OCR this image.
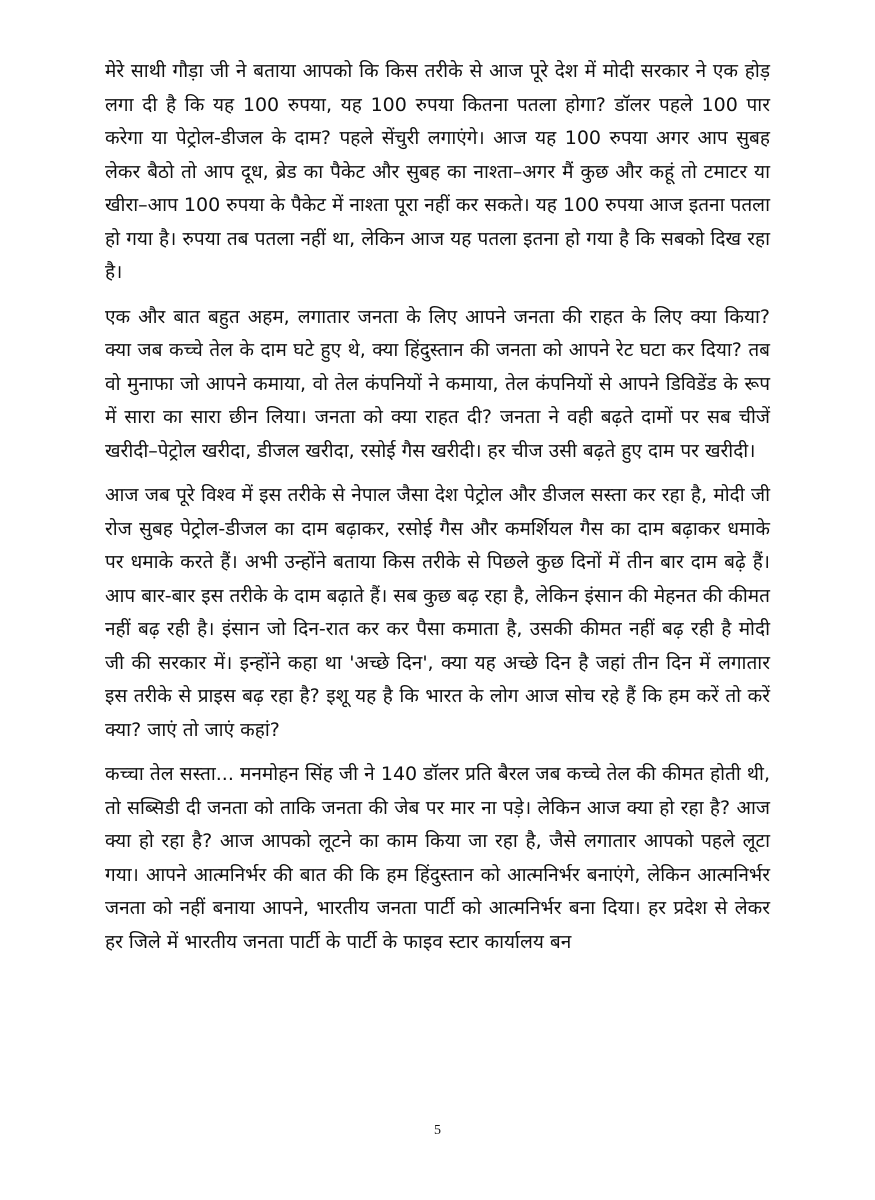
मेरे साथी गौड़ा जी ने बताया आपको कि किस तरीके से आज पूरे देश में मोदी सरकार ने एक होड़ लगा दी है कि यह 100 रुपया, यह 100 रुपया कितना पतला होगा? डॉलर पहले 100 पार करेगा या पेट्रोल-डीजल के दाम? पहले सेंचुरी लगाएंगे। आज यह 100 रुपया अगर आप सुबह लेकर बैठो तो आप दूध, ब्रेड का पैकेट और सुबह का नाश्ता–अगर मैं कुछ और कहूं तो टमाटर या खीरा–आप 100 रुपया के पैकेट में नाश्ता पूरा नहीं कर सकते। यह 100 रुपया आज इतना पतला हो गया है। रुपया तब पतला नहीं था, लेकिन आज यह पतला इतना हो गया है कि सबको दिख रहा है।

एक और बात बहुत अहम, लगातार जनता के लिए आपने जनता की राहत के लिए क्या किया? क्या जब कच्चे तेल के दाम घटे हुए थे, क्या हिंदुस्तान की जनता को आपने रेट घटा कर दिया? तब वो मुनाफा जो आपने कमाया, वो तेल कंपनियों ने कमाया, तेल कंपनियों से आपने डिविडेंड के रूप में सारा का सारा छीन लिया। जनता को क्या राहत दी? जनता ने वही बढ़ते दामों पर सब चीजें खरीदी–पेट्रोल खरीदा, डीजल खरीदा, रसोई गैस खरीदी। हर चीज उसी बढ़ते हुए दाम पर खरीदी।

आज जब पूरे विश्व में इस तरीके से नेपाल जैसा देश पेट्रोल और डीजल सस्ता कर रहा है, मोदी जी रोज सुबह पेट्रोल-डीजल का दाम बढ़ाकर, रसोई गैस और कमर्शियल गैस का दाम बढ़ाकर धमाके पर धमाके करते हैं। अभी उन्होंने बताया किस तरीके से पिछले कुछ दिनों में तीन बार दाम बढ़े हैं। आप बार-बार इस तरीके के दाम बढ़ाते हैं। सब कुछ बढ़ रहा है, लेकिन इंसान की मेहनत की कीमत नहीं बढ़ रही है। इंसान जो दिन-रात कर कर पैसा कमाता है, उसकी कीमत नहीं बढ़ रही है मोदी जी की सरकार में। इन्होंने कहा था 'अच्छे दिन', क्या यह अच्छे दिन है जहां तीन दिन में लगातार इस तरीके से प्राइस बढ़ रहा है? इशू यह है कि भारत के लोग आज सोच रहे हैं कि हम करें तो करें क्या? जाएं तो जाएं कहां?

कच्चा तेल सस्ता... मनमोहन सिंह जी ने 140 डॉलर प्रति बैरल जब कच्चे तेल की कीमत होती थी, तो सब्सिडी दी जनता को ताकि जनता की जेब पर मार ना पड़े। लेकिन आज क्या हो रहा है? आज क्या हो रहा है? आज आपको लूटने का काम किया जा रहा है, जैसे लगातार आपको पहले लूटा गया। आपने आत्मनिर्भर की बात की कि हम हिंदुस्तान को आत्मनिर्भर बनाएंगे, लेकिन आत्मनिर्भर जनता को नहीं बनाया आपने, भारतीय जनता पार्टी को आत्मनिर्भर बना दिया। हर प्रदेश से लेकर हर जिले में भारतीय जनता पार्टी के पार्टी के फाइव स्टार कार्यालय बन

5
